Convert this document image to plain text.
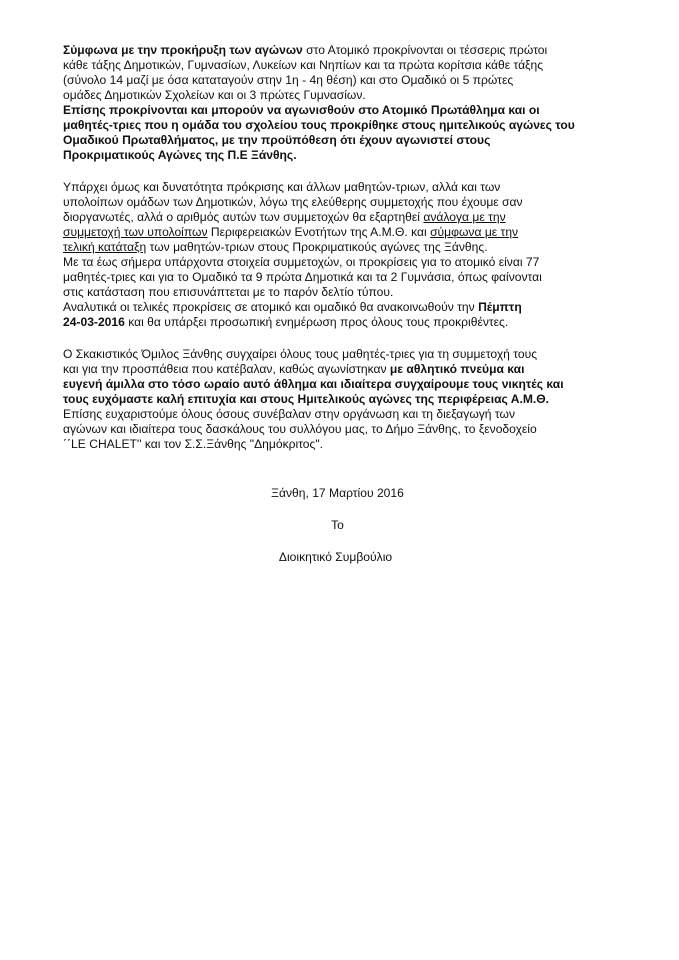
Σύμφωνα με την προκήρυξη των αγώνων στο Ατομικό προκρίνονται οι τέσσερις πρώτοι
κάθε τάξης Δημοτικών, Γυμνασίων, Λυκείων και Νηπίων και τα πρώτα κορίτσια κάθε τάξης
(σύνολο 14 μαζί με όσα καταταγούν στην 1η - 4η θέση) και στο Ομαδικό οι 5 πρώτες
ομάδες Δημοτικών Σχολείων και οι 3 πρώτες Γυμνασίων.
Επίσης προκρίνονται και μπορούν να αγωνισθούν στο Ατομικό Πρωτάθλημα και οι
μαθητές-τριες που η ομάδα του σχολείου τους προκρίθηκε στους ημιτελικούς αγώνες του
Ομαδικού Πρωταθλήματος, με την προϋπόθεση ότι έχουν αγωνιστεί στους
Προκριματικούς Αγώνες της Π.Ε Ξάνθης.
Υπάρχει όμως και δυνατότητα πρόκρισης και άλλων μαθητών-τριων, αλλά και των
υπολοίπων ομάδων των Δημοτικών, λόγω της ελεύθερης συμμετοχής που έχουμε σαν
διοργανωτές, αλλά ο αριθμός αυτών των συμμετοχών θα εξαρτηθεί ανάλογα με την
συμμετοχή των υπολοίπων Περιφερειακών Ενοτήτων της Α.Μ.Θ. και σύμφωνα με την
τελική κατάταξη των μαθητών-τριων στους Προκριματικούς αγώνες της Ξάνθης.
Με τα έως σήμερα υπάρχοντα στοιχεία συμμετοχών, οι προκρίσεις για το ατομικό είναι 77
μαθητές-τριες και για το Ομαδικό τα 9 πρώτα Δημοτικά και τα 2 Γυμνάσια, όπως φαίνονται
στις κατάσταση που επισυνάπτεται με το παρόν δελτίο τύπου.
Αναλυτικά οι τελικές προκρίσεις σε ατομικό και ομαδικό θα ανακοινωθούν την Πέμπτη
24-03-2016 και θα υπάρξει προσωπική ενημέρωση προς όλους τους προκριθέντες.
Ο Σκακιστικός Όμιλος Ξάνθης συγχαίρει όλους τους μαθητές-τριες για τη συμμετοχή τους
και για την προσπάθεια που κατέβαλαν, καθώς αγωνίστηκαν με αθλητικό πνεύμα και
ευγενή άμιλλα στο τόσο ωραίο αυτό άθλημα και ιδιαίτερα συγχαίρουμε τους νικητές και
τους ευχόμαστε καλή επιτυχία και στους Ημιτελικούς αγώνες της περιφέρειας Α.Μ.Θ.
Επίσης ευχαριστούμε όλους όσους συνέβαλαν στην οργάνωση και τη διεξαγωγή των
αγώνων και ιδιαίτερα τους δασκάλους του συλλόγου μας, το Δήμο Ξάνθης, το ξενοδοχείο
΄΄LE CHALET'' και τον Σ.Σ.Ξάνθης "Δημόκριτος".
Ξάνθη, 17 Μαρτίου 2016
Το
Διοικητικό Συμβούλιο
